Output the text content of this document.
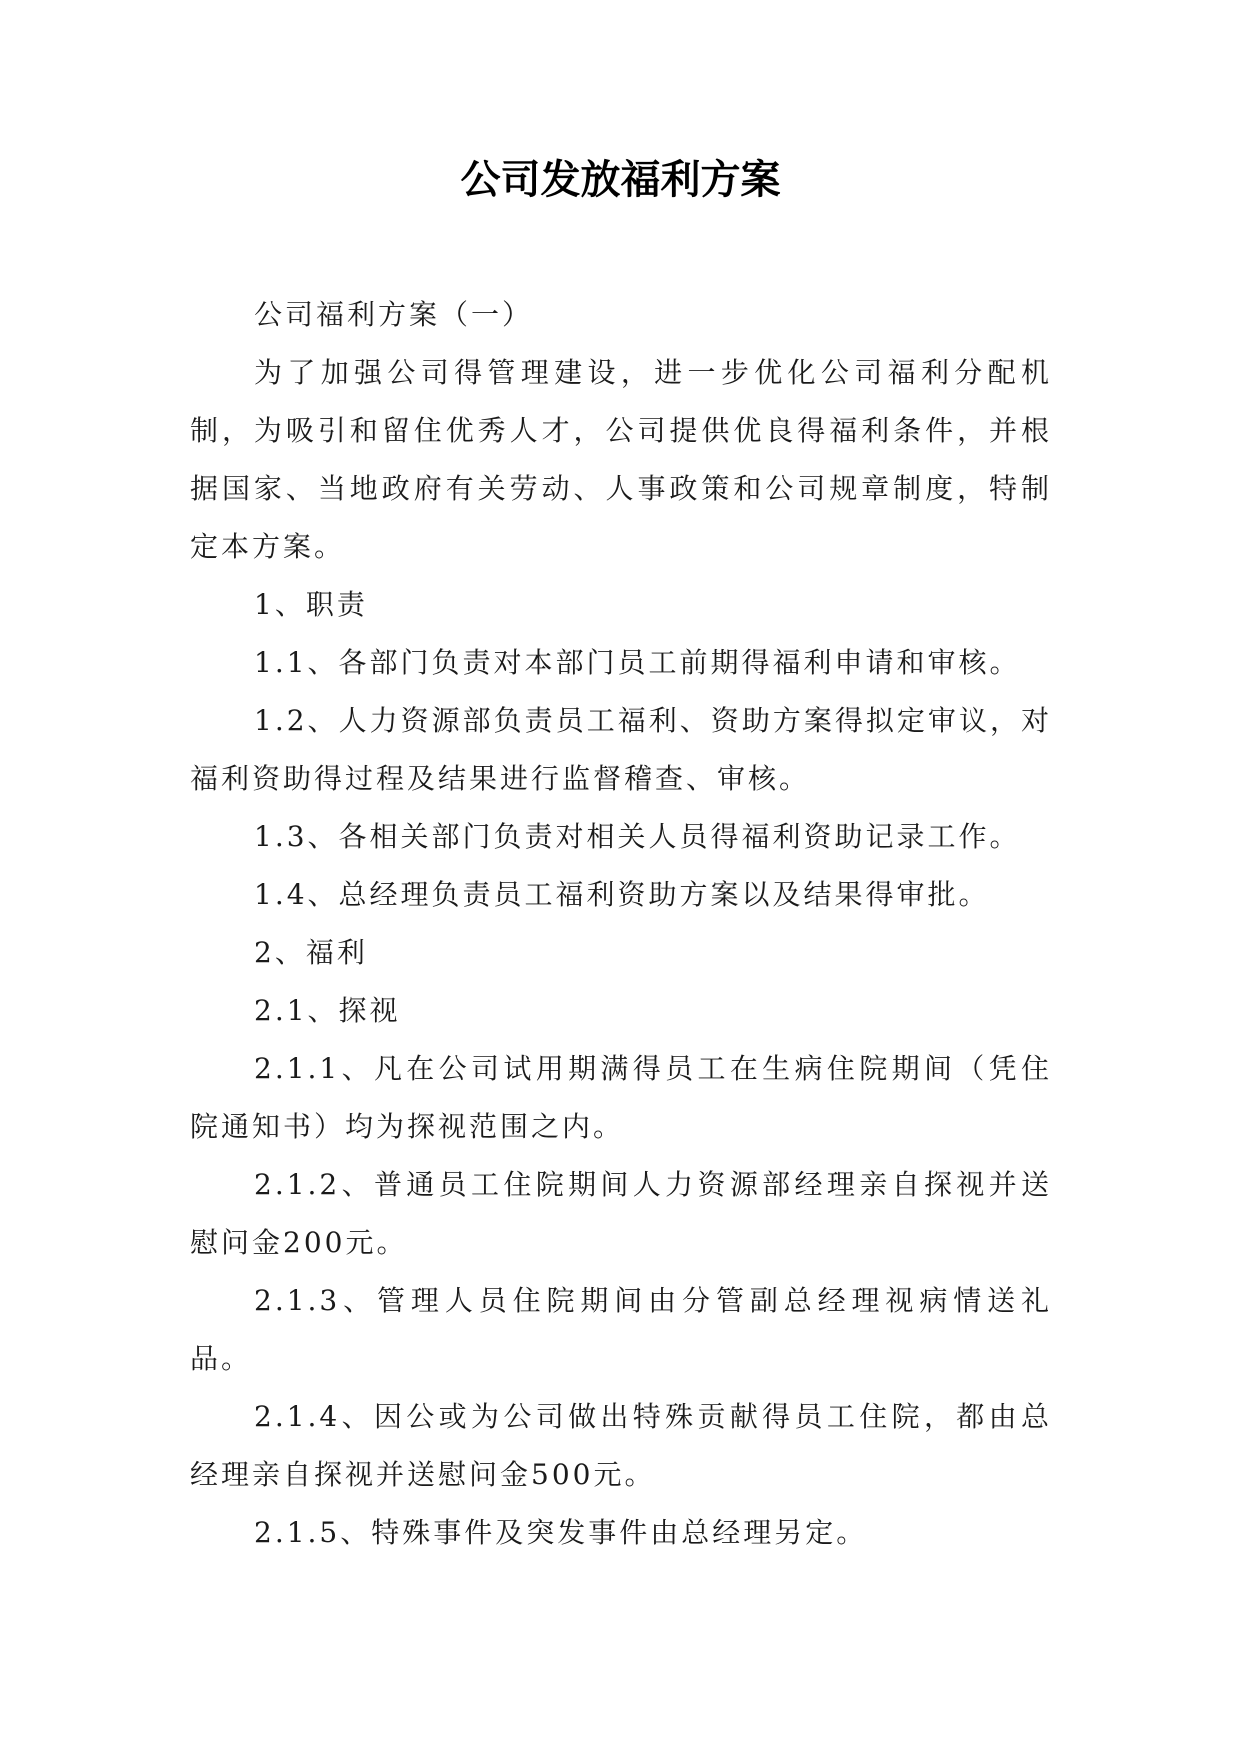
公司发放福利方案

公司福利方案（一）

为了加强公司得管理建设，进一步优化公司福利分配机制，为吸引和留住优秀人才，公司提供优良得福利条件，并根据国家、当地政府有关劳动、人事政策和公司规章制度，特制定本方案。

1、职责

1.1、各部门负责对本部门员工前期得福利申请和审核。

1.2、人力资源部负责员工福利、资助方案得拟定审议，对福利资助得过程及结果进行监督稽查、审核。

1.3、各相关部门负责对相关人员得福利资助记录工作。

1.4、总经理负责员工福利资助方案以及结果得审批。

2、福利

2.1、探视

2.1.1、凡在公司试用期满得员工在生病住院期间（凭住院通知书）均为探视范围之内。

2.1.2、普通员工住院期间人力资源部经理亲自探视并送慰问金200元。

2.1.3、管理人员住院期间由分管副总经理视病情送礼品。

2.1.4、因公或为公司做出特殊贡献得员工住院，都由总经理亲自探视并送慰问金500元。

2.1.5、特殊事件及突发事件由总经理另定。
